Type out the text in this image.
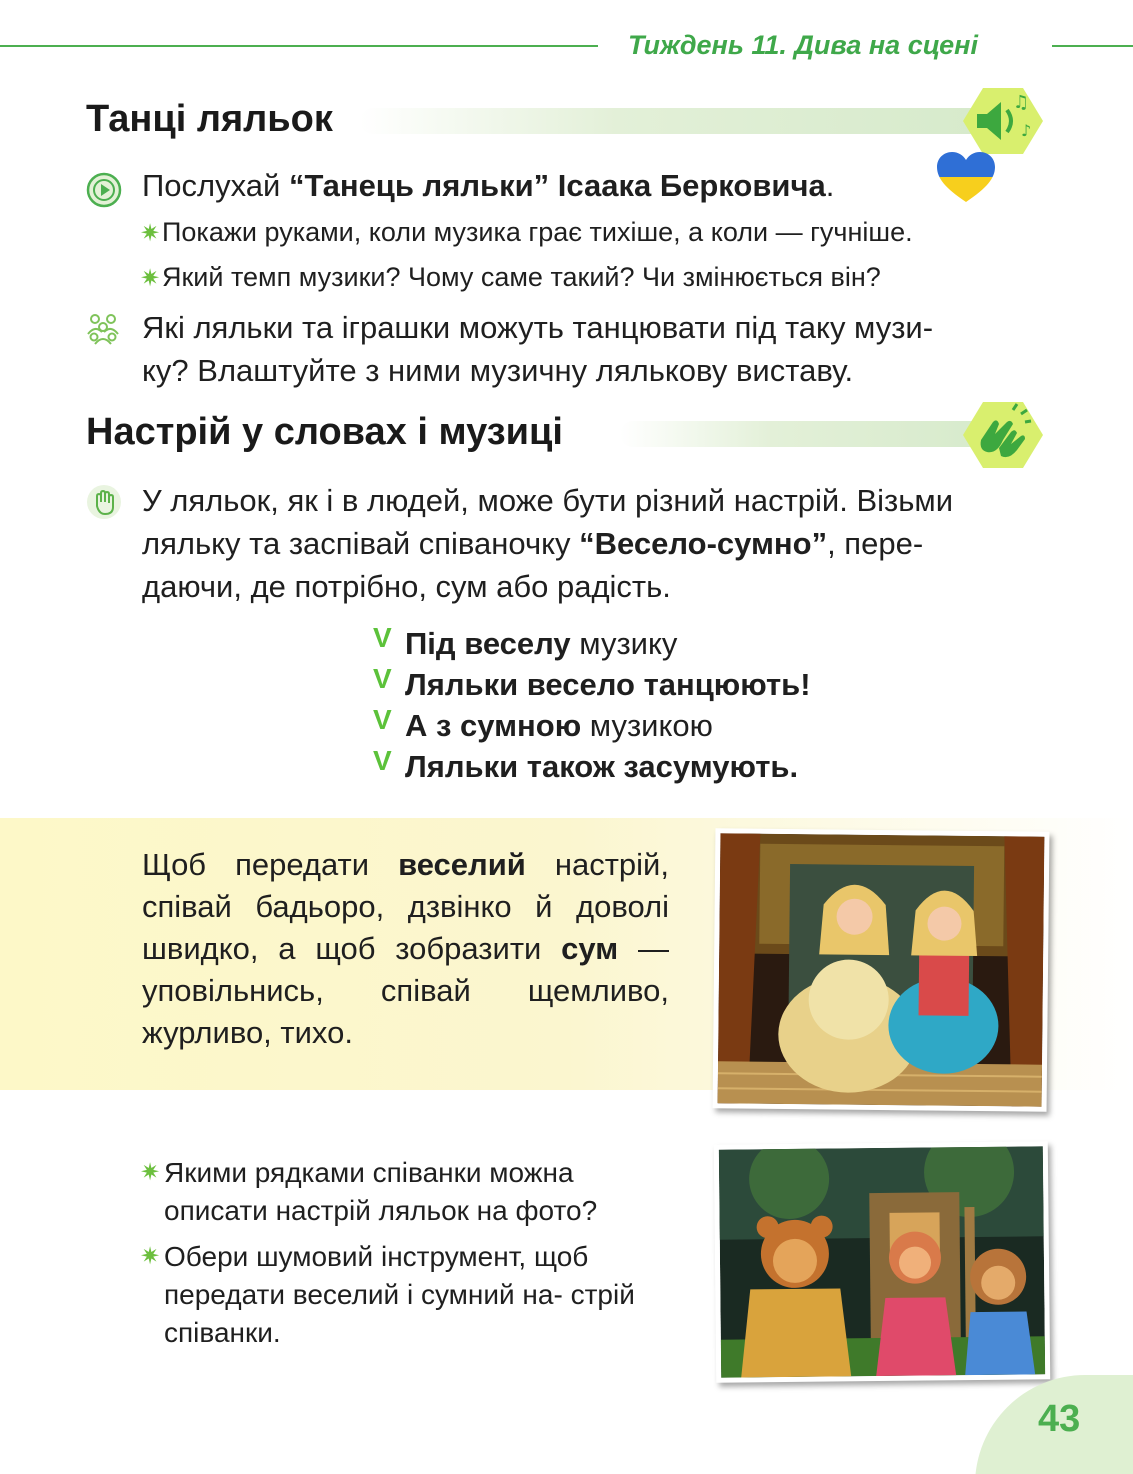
Тиждень 11. Дива на сцені
Танці ляльок	♫
♪
Послухай “Танець ляльки” Ісаака Берковича.
✷Покажи руками, коли музика грає тихіше, а коли — гучніше.
✷Який темп музики? Чому саме такий? Чи змінюється він?
Які ляльки та іграшки можуть танцювати під таку музи-
ку? Влаштуйте з ними музичну лялькову виставу.
Настрій у словах і музиці
У ляльок, як і в людей, може бути різний настрій. Візьми
ляльку та заспівай співаночку “Весело-сумно”, пере-
даючи, де потрібно, сум або радість.
V Під веселу музику
V Ляльки весело танцюють!
V А з сумною музикою
V Ляльки також засумують.
Щоб передати веселий настрій, співай бадьоро, дзвінко й доволі швидко, а щоб зобразити сум — уповільнись, співай щемливо, журливо, тихо.
✷ Якими рядками співанки можна описати настрій ляльок на фото?
✷ Обери шумовий інструмент, щоб передати веселий і сумний на- стрій співанки.
43
